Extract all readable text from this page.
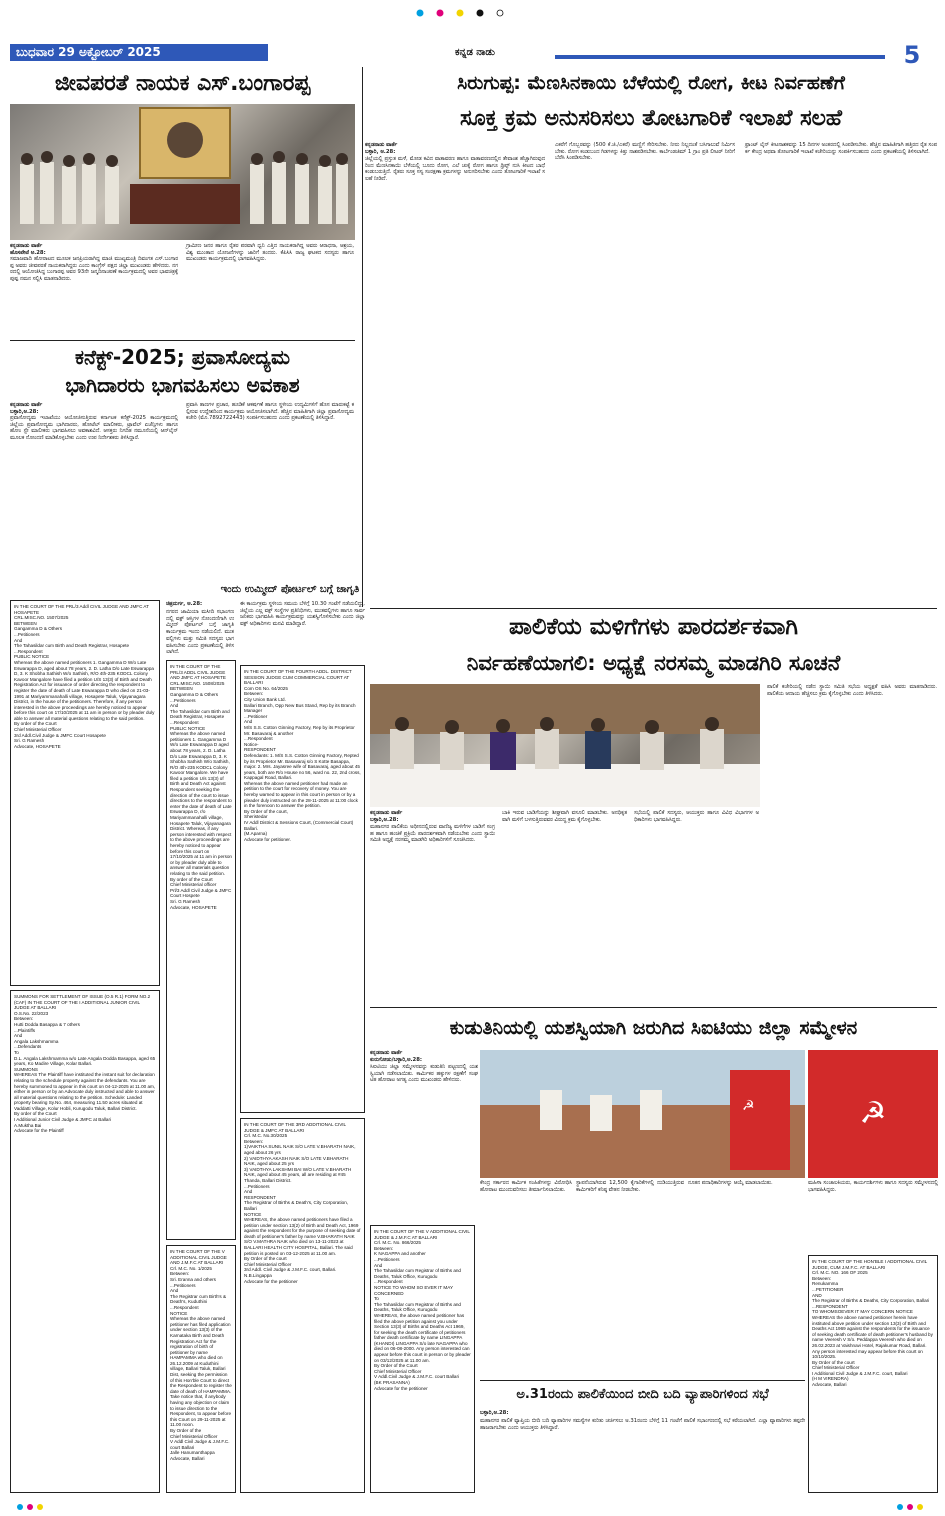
ಬುಧವಾರ 29 ಅಕ್ಟೋಬರ್ 2025	ಕನ್ನಡ ನಾಡು	5
ಜೀವಪರತೆ ನಾಯಕ ಎಸ್.ಬಂಗಾರಪ್ಪ
ಕನ್ನಡನಾಡು ವಾರ್ತೆ
ಹೊಸಪೇಟೆ ಅ.28:
ಸಮಾಜವಾದಿ ಹೋರಾಟದ ಮೂಲಕ ಜನಪ್ರಿಯರಾಗಿದ್ದ ಮಾಜಿ ಮುಖ್ಯಮಂತ್ರಿ ದಿವಂಗತ ಎಸ್.ಬಂಗಾರಪ್ಪ ಅವರು ಜೀವಪರತೆ ನಾಯಕರಾಗಿದ್ದರು ಎಂದು ಕಾಂಗ್ರೆಸ್ ಪಕ್ಷದ ಜಿಲ್ಲಾ ಮುಖಂಡರು ಹೇಳಿದರು. ನಗರದಲ್ಲಿ ಆಯೋಜಿಸಿದ್ದ ಬಂಗಾರಪ್ಪ ಅವರ 93ನೇ ಜನ್ಮದಿನಾಚರಣೆ ಕಾರ್ಯಕ್ರಮದಲ್ಲಿ ಅವರ ಭಾವಚಿತ್ರಕ್ಕೆ ಪುಷ್ಪ ನಮನ ಸಲ್ಲಿಸಿ ಮಾತನಾಡಿದರು.
ಗ್ರಾಮೀಣ ಜನರ ಹಾಗೂ ರೈತರ ಪರವಾಗಿ ಧ್ವನಿ ಎತ್ತಿದ ನಾಯಕರಾಗಿದ್ದ ಅವರು ಆರಾಧನಾ, ಆಶ್ರಯ, ವಿಶ್ವ ಮುಂತಾದ ಯೋಜನೆಗಳನ್ನು ಜಾರಿಗೆ ತಂದರು. ಕೆಪಿಸಿಸಿ ರಾಜ್ಯ ಘಟಕದ ಸದಸ್ಯರು ಹಾಗೂ ಮುಖಂಡರು ಕಾರ್ಯಕ್ರಮದಲ್ಲಿ ಭಾಗವಹಿಸಿದ್ದರು.
ಕನೆಕ್ಟ್-2025; ಪ್ರವಾಸೋದ್ಯಮ
ಭಾಗಿದಾರರು ಭಾಗವಹಿಸಲು ಅವಕಾಶ
ಕನ್ನಡನಾಡು ವಾರ್ತೆ
ಬಳ್ಳಾರಿ,ಅ.28:
ಪ್ರವಾಸೋದ್ಯಮ ಇಲಾಖೆಯು ಆಯೋಜಿಸುತ್ತಿರುವ ಕರ್ನಾಟಕ ಕನೆಕ್ಟ್-2025 ಕಾರ್ಯಕ್ರಮದಲ್ಲಿ ಜಿಲ್ಲೆಯ ಪ್ರವಾಸೋದ್ಯಮ ಭಾಗಿದಾರರು, ಹೋಟೆಲ್ ಮಾಲೀಕರು, ಟ್ರಾವೆಲ್ ಏಜೆನ್ಸಿಗಳು ಹಾಗೂ ಹೋಂ ಸ್ಟೇ ಮಾಲೀಕರು ಭಾಗವಹಿಸಲು ಅವಕಾಶವಿದೆ. ಆಸಕ್ತರು ನಿಗದಿತ ನಮೂನೆಯಲ್ಲಿ ಆನ್‌ಲೈನ್ ಮೂಲಕ ನೋಂದಣಿ ಮಾಡಿಕೊಳ್ಳಬೇಕು ಎಂದು ಉಪ ನಿರ್ದೇಶಕರು ತಿಳಿಸಿದ್ದಾರೆ.
ಪ್ರವಾಸಿ ತಾಣಗಳ ಪ್ರಚಾರ, ಹೂಡಿಕೆ ಆಕರ್ಷಣೆ ಹಾಗೂ ಸ್ಥಳೀಯ ಉದ್ಯಮಿಗಳಿಗೆ ಹೊಸ ಮಾರುಕಟ್ಟೆ ಕಲ್ಪಿಸುವ ಉದ್ದೇಶದಿಂದ ಕಾರ್ಯಕ್ರಮ ಆಯೋಜಿಸಲಾಗಿದೆ. ಹೆಚ್ಚಿನ ಮಾಹಿತಿಗಾಗಿ ಜಿಲ್ಲಾ ಪ್ರವಾಸೋದ್ಯಮ ಕಚೇರಿ (ಮೊ.7892722443) ಸಂಪರ್ಕಿಸಬಹುದು ಎಂದು ಪ್ರಕಟಣೆಯಲ್ಲಿ ತಿಳಿಸಿದ್ದಾರೆ.
ಸಿರುಗುಪ್ಪ: ಮೆಣಸಿನಕಾಯಿ ಬೆಳೆಯಲ್ಲಿ ರೋಗ, ಕೀಟ ನಿರ್ವಹಣೆಗೆ
ಸೂಕ್ತ ಕ್ರಮ ಅನುಸರಿಸಲು ತೋಟಗಾರಿಕೆ ಇಲಾಖೆ ಸಲಹೆ
ಕನ್ನಡನಾಡು ವಾರ್ತೆ
ಬಳ್ಳಾರಿ, ಅ.28:
ಜಿಲ್ಲೆಯಲ್ಲಿ ಪ್ರಸ್ತುತ ಮಳೆ, ಮೋಡ ಕವಿದ ವಾತಾವರಣ ಹಾಗೂ ವಾತಾವರಣದಲ್ಲಿನ ತೇವಾಂಶ ಹೆಚ್ಚಾಗಿರುವುದರಿಂದ ಮೆಣಸಿನಕಾಯಿ ಬೆಳೆಯಲ್ಲಿ ಬೂದು ರೋಗ, ಎಲೆ ಚುಕ್ಕೆ ರೋಗ ಹಾಗೂ ಥ್ರಿಪ್ಸ್ ನುಸಿ ಕೀಟದ ಬಾಧೆ ಕಂಡುಬರುತ್ತಿದೆ. ರೈತರು ಸೂಕ್ತ ಸಸ್ಯ ಸಂರಕ್ಷಣಾ ಕ್ರಮಗಳನ್ನು ಅನುಸರಿಸಬೇಕು ಎಂದು ತೋಟಗಾರಿಕೆ ಇಲಾಖೆ ಸಲಹೆ ನೀಡಿದೆ.
ಎಕರೆಗೆ ಗೊಬ್ಬರವನ್ನು (500 ಕೆ.ಜಿ./ಎಕರೆ) ಮಣ್ಣಿಗೆ ಸೇರಿಸಬೇಕು. ನೀರು ನಿಲ್ಲದಂತೆ ಬಸಿಗಾಲುವೆ ನಿರ್ಮಿಸಬೇಕು. ರೋಗ ಕಂಡುಬಂದ ಗಿಡಗಳನ್ನು ಕಿತ್ತು ನಾಶಪಡಿಸಬೇಕು. ಕಾರ್ಬೆಂಡಜಿಮ್ 1 ಗ್ರಾಂ ಪ್ರತಿ ಲೀಟರ್ ನೀರಿಗೆ ಬೆರೆಸಿ ಸಿಂಪಡಿಸಬೇಕು.
ಫ್ರಾಂಟ್ ಲೈನ್ ಕೀಟನಾಶಕವನ್ನು 15 ದಿನಗಳ ಅಂತರದಲ್ಲಿ ಸಿಂಪಡಿಸಬೇಕು. ಹೆಚ್ಚಿನ ಮಾಹಿತಿಗಾಗಿ ಹತ್ತಿರದ ರೈತ ಸಂಪರ್ಕ ಕೇಂದ್ರ ಅಥವಾ ತೋಟಗಾರಿಕೆ ಇಲಾಖೆ ಕಚೇರಿಯನ್ನು ಸಂಪರ್ಕಿಸಬಹುದು ಎಂದು ಪ್ರಕಟಣೆಯಲ್ಲಿ ತಿಳಿಸಲಾಗಿದೆ.
ಇಂದು ಉಮ್ಮೀದ್ ಪೋರ್ಟಲ್ ಬಗ್ಗೆ ಜಾಗೃತಿ
ಚಿತ್ರದುರ್ಗ, ಅ.28:
ನಗರದ ಜಾಮಿಯಾ ಮಸೀದಿ ಸಭಾಂಗಣದಲ್ಲಿ ವಕ್ಫ್ ಆಸ್ತಿಗಳ ನೋಂದಣಿಗಾಗಿ ಉಮ್ಮೀದ್ ಪೋರ್ಟಲ್ ಬಗ್ಗೆ ಜಾಗೃತಿ ಕಾರ್ಯಕ್ರಮ ಇಂದು ನಡೆಯಲಿದೆ. ಮುತವಲ್ಲಿಗಳು ಮತ್ತು ಸಮಿತಿ ಸದಸ್ಯರು ಭಾಗವಹಿಸಬೇಕು ಎಂದು ಪ್ರಕಟಣೆಯಲ್ಲಿ ತಿಳಿಸಲಾಗಿದೆ.
IN THE COURT OF THE PRL/3 Addl CIVIL JUDGE AND JMFC AT HOSAPETE
CRL.MISC.NO. 1507/2025
BETWEEN
Gangamma D & Others
...Petitioners
And
The Tahasildar cum Birth and Death Registrar, Hosapete
...Respondent
PUBLIC NOTICE
Whereas the above named petitioners 1. Gangamma D W/o Late Eswarappa D, aged about 78 years, 2. D. Latha D/o Late Eswarappa D, 3. K Shobha Sathish W/o Sathish, R/O 4th-235 KODCL Colony Kavoor Mangalore have filed a petition U/S 13(3) of Birth and Death Registration Act for issuance of order directing the respondent to register the date of death of Late Eswarappa D who died on 21-03-1991 at Mariyammanahalli village, Hosapete Taluk, Vijayanagara District, in the house of the petitioners. Therefore, if any person interested in the above proceedings are hereby noticed to appear before this court on 17/10/2025 at 11 am in person or by pleader duly able to answer all material questions relating to the said petition.
By order of the Court
Chief Ministerial Officer
3rd Addl.Civil Judge & JMFC Court Hosapete
Sri. G Ramesh
Advocate, HOSAPETE
SUMMONS FOR SETTLEMENT OF ISSUE (O.5 R.1) FORM NO.2 (CAF) IN THE COURT OF THE I ADDITIONAL JUNIOR CIVIL JUDGE AT BALLARI
O.S.No. 22/2023
Between:
Hutti Dodda Basappa & 7 others
...Plaintiffs
And
Angala Lakshmamma
...Defendants
To
D.L. Angala Lakshmamma w/o Late Angala Dodda Basappa, aged 65 years, Ko Madire Village, Kolar Ballari.
SUMMONS
WHEREAS The Plaintiff have instituted the instant suit for declaration relating to the schedule property against the defendants. You are hereby summoned to appear in this court on 04-12-2025 at 11.00 am, either in person or by an Advocate duly instructed and able to answer all material questions relating to the petition. Schedule: Landed property bearing Sy.No. 464, measuring 11.50 acres situated at Vaddatti Village, Kolur Hobli, Kurugodu Taluk, Ballari District.
By order of the Court
I Additional Junior Civil Judge & JMFC at Ballari
A.Muktha Bai
Advocate for the Plaintiff
IN THE COURT OF THE PRL/3 ADDL CIVIL JUDGE AND JMFC AT HOSAPETE
CRL.MISC.NO. 1508/2025
BETWEEN
Gangamma D & Others
...Petitioners
And
The Tahasildar cum Birth and Death Registrar, Hosapete
...Respondent
PUBLIC NOTICE
Whereas the above named petitioners 1. Gangamma D W/o Late Eswarappa D aged about 78 years, 2. D. Latha D/o Late Eswarappa D, 3. K Shobha Sathish W/o Sathish, R/O 4th-235 KODCL Colony Kavoor Mangalore. We have filed a petition U/s 13(3) of Birth and Death Act against Respondent seeking the direction of the court to issue directions to the respondent to enter the date of death of Late Eswarappa D, r/o Mariyammanahalli village, Hosapete Taluk, Vijayanagara District. Whereas, if any person interested with respect to the above proceedings are hereby noticed to appear before this court on 17/10/2025 at 11 am in person or by pleader duly able to answer all materials question relating to the said petition.
By order of the Court
Chief Ministerial officer
Prl/3 Addl Civil Judge & JMFC Court Hospete
Sri. G Ramesh
Advocate, HOSAPETE
IN THE COURT OF THE V ADDITIONAL CIVIL JUDGE AND J.M.F.C AT BALLARI
Crl. M.C. No. 1/2025
Between:
Sri. Eranna and others
...Petitioners
And
The Registrar cum Birth's & Death's, Kuduthini
...Respondent
NOTICE
Whereas the above named petitioner has filed application under section 13(3) of the Karnataka Birth and Death Registration Act for the registration of birth of petitioner by name HAMPAMMA who died on 26.12.2009 at Kuduthini village, Ballari Taluk, Ballari Dist, seeking the permission of this Hon'ble Court to direct the Respondent to register the date of death of HAMPAMMA. Take notice that, if anybody having any objection or claim to issue direction to the Respondent, to appear before this Court on 29-11-2025 at 11.00 noon.
By Order of the
Chief Ministerial Officer
V Addl Civil Judge & J.M.F.C. court Ballari
Jalle Hanumanthappa
Advocate, Ballari
ಈ ಕಾರ್ಯಕ್ರಮ ಸ್ಥಳೀಯ ಸಮಯ ಬೆಳಿಗ್ಗೆ 10.30 ಗಂಟೆಗೆ ನಡೆಯಲಿದ್ದು, ಜಿಲ್ಲೆಯ ಎಲ್ಲ ವಕ್ಫ್ ಸಂಸ್ಥೆಗಳ ಪ್ರತಿನಿಧಿಗಳು, ಮುತವಲ್ಲಿಗಳು ಹಾಗೂ ಸಾರ್ವಜನಿಕರು ಭಾಗವಹಿಸಿ ಕಾರ್ಯಕ್ರಮವನ್ನು ಯಶಸ್ವಿಗೊಳಿಸಬೇಕು ಎಂದು ಜಿಲ್ಲಾ ವಕ್ಫ್ ಅಧಿಕಾರಿಗಳು ಮನವಿ ಮಾಡಿದ್ದಾರೆ.
IN THE COURT OF THE FOURTH ADDL. DISTRICT SESSION JUDGE CUM COMMERCIAL COURT AT BALLARI
Com OS No. 64/2025
Between:
City Union Bank Ltd.
Ballari Branch, Opp New Bus Stand, Rep by its Branch Manager
...Petitioner
And
M/S S.S. Cotton Ginning Factory, Rep by its Proprietor Mr. Basavaraj & another
...Respondent
Notice-
RESPONDENT
Defendants: 1. M/S S.S. Cotton Ginning Factory, Repted by its Proprietor Mr. Basavaraj s/o S Kotte Basappa, major. 2. Mrs. Jayasree wife of Basavaraj, aged about 45 years, both are R/o House no 56, ward no. 22, 2nd cross, Kappagal Road, Ballari.
Whereas the above named petitioner had made an petition to the court for recovery of money. You are hereby warned to appear in this court in person or by a pleader duly instructed on the 28-11-2025 at 11:00 clock in the forenoon to answer the petition.
By Order of the court,
Sheristedar
IV Addl District & Sessions Court, (Commercial Court) Ballari.
(M.Aparna)
Advocate for petitioner.
IN THE COURT OF THE 3RD ADDITIONAL CIVIL JUDGE & JMFC AT BALLARI
Crl. M.C. No.30/2025
Between:
1)VAIKTHA SUNIL NAIK S/O LATE V.BHARATH NAIK, aged about 26 yrs
2) VAIDTHYA AKASH NAIK S/O LATE V.BHARATH NAIK, aged about 25 yrs
3) VAIDTHYA LAKSHMI BAI W/O LATE V.BHARATH NAIK, aged about 45 years, all are residing at #45 Thanda, Ballari District.
...Petitioners
And
RESPONDENT
The Registrar of Births & Death's, City Corporation, Ballari
NOTICE
WHEREAS, the above named petitioners have filed a petition under section 13(2) of Birth and Death Act, 1969 against the respondent for the purpose of seeking date of death of petitioner's father by name V.BHARATH NAIK S/O V.MATHRA NAIK who died on 13-11-2023 at BALLARI HEALTH CITY HOSPITAL, Ballari. The said petition is posted on 03-12-2025 at 11.00 am.
By Order of the court
Chief Ministerial Officer
3rd Addl. Civil Judge & J.M.F.C. court, Ballari.
N.B.Lingappa
Advocate for the petitioner
ಪಾಲಿಕೆಯ ಮಳಿಗೆಗಳು ಪಾರದರ್ಶಕವಾಗಿ
ನಿರ್ವಹಣೆಯಾಗಲಿ: ಅಧ್ಯಕ್ಷೆ ನರಸಮ್ಮ ಮಾಡಗಿರಿ ಸೂಚನೆ
ಕನ್ನಡನಾಡು ವಾರ್ತೆ
ಬಳ್ಳಾರಿ,ಅ.28:
ಮಹಾನಗರ ಪಾಲಿಕೆಯ ಅಧೀನದಲ್ಲಿರುವ ವಾಣಿಜ್ಯ ಮಳಿಗೆಗಳ ಬಾಡಿಗೆ ಸಂಗ್ರಹ ಹಾಗೂ ಹಂಚಿಕೆ ಪ್ರಕ್ರಿಯೆ ಪಾರದರ್ಶಕವಾಗಿ ನಡೆಯಬೇಕು ಎಂದು ಸ್ಥಾಯಿ ಸಮಿತಿ ಅಧ್ಯಕ್ಷೆ ನರಸಮ್ಮ ಮಾಡಗಿರಿ ಅಧಿಕಾರಿಗಳಿಗೆ ಸೂಚಿಸಿದರು.
ಬಾಕಿ ಇರುವ ಬಾಡಿಗೆಯನ್ನು ಶೀಘ್ರವಾಗಿ ವಸೂಲಿ ಮಾಡಬೇಕು. ಅನಧಿಕೃತವಾಗಿ ಮಳಿಗೆ ಬಳಸುತ್ತಿರುವವರ ವಿರುದ್ಧ ಕ್ರಮ ಕೈಗೊಳ್ಳಬೇಕು.
ಸಭೆಯಲ್ಲಿ ಪಾಲಿಕೆ ಸದಸ್ಯರು, ಆಯುಕ್ತರು ಹಾಗೂ ವಿವಿಧ ವಿಭಾಗಗಳ ಅಧಿಕಾರಿಗಳು ಭಾಗವಹಿಸಿದ್ದರು.
ಪಾಲಿಕೆ ಕಚೇರಿಯಲ್ಲಿ ನಡೆದ ಸ್ಥಾಯಿ ಸಮಿತಿ ಸಭೆಯ ಅಧ್ಯಕ್ಷತೆ ವಹಿಸಿ ಅವರು ಮಾತನಾಡಿದರು. ಪಾಲಿಕೆಯ ಆದಾಯ ಹೆಚ್ಚಿಸಲು ಕ್ರಮ ಕೈಗೊಳ್ಳಬೇಕು ಎಂದು ತಿಳಿಸಿದರು.
ಕುಡುತಿನಿಯಲ್ಲಿ ಯಶಸ್ವಿಯಾಗಿ ಜರುಗಿದ ಸಿಐಟಿಯು ಜಿಲ್ಲಾ ಸಮ್ಮೇಳನ
ಕನ್ನಡನಾಡು ವಾರ್ತೆ
ಕುರುಗೋಡು/ಬಳ್ಳಾರಿ,ಅ.28:
ಸಿಐಟಿಯು ಜಿಲ್ಲಾ ಸಮ್ಮೇಳನವನ್ನು ಕುಡುತಿನಿ ಪಟ್ಟಣದಲ್ಲಿ ಯಶಸ್ವಿಯಾಗಿ ನಡೆಸಲಾಯಿತು. ಕಾರ್ಮಿಕರ ಹಕ್ಕುಗಳ ರಕ್ಷಣೆಗೆ ಸಂಘಟಿತ ಹೋರಾಟ ಅಗತ್ಯ ಎಂದು ಮುಖಂಡರು ಹೇಳಿದರು.
☭	☭
ಕೇಂದ್ರ ಸರ್ಕಾರದ ಕಾರ್ಮಿಕ ಸಂಹಿತೆಗಳನ್ನು ವಿರೋಧಿಸಿ ಹೋರಾಟ ಮುಂದುವರಿಸಲು ತೀರ್ಮಾನಿಸಲಾಯಿತು.
ಸ್ಥಾಪನೆಯಾಗಿರುವ 12,500 ಕೈಗಾರಿಕೆಗಳಲ್ಲಿ ದುಡಿಯುತ್ತಿರುವ ಕಾರ್ಮಿಕರಿಗೆ ಕನಿಷ್ಠ ವೇತನ ನೀಡಬೇಕು.
ನೂತನ ಪದಾಧಿಕಾರಿಗಳನ್ನು ಆಯ್ಕೆ ಮಾಡಲಾಯಿತು.	ಮಹಿಳಾ ಸಂಚಾಲಕಿಯರು, ಕಾರ್ಯದರ್ಶಿಗಳು ಹಾಗೂ ಸದಸ್ಯರು ಸಮ್ಮೇಳನದಲ್ಲಿ ಭಾಗವಹಿಸಿದ್ದರು.
IN THE COURT OF THE V ADDITIONAL CIVIL JUDGE & J.M.F.C AT BALLARI
Crl. M.C. No. 866/2025
Between:
K NAGAPPA and another
...Petitioners
And
The Tahasildar cum Registrar of Births and Deaths, Taluk Office, Kurugodu
...Respondent
NOTICE TO WHOM SO EVER IT MAY CONCERNED
To
The Tahasildar cum Registrar of Births and Deaths, Taluk Office, Kurugodu
WHEREAS, the above named petitioner has filed the above petition against you under Section 13(3) of Births and Deaths Act 1969, for seeking the death certificate of petitioners father death certificate by name LINGAPPA (KHANDI) LINGAPPA S/o late NAGAPPA who died on 06-08-2000. Any person interested can appear before this court in person or by pleader on 03/12/2025 at 11.00 am.
By Order of the Court
Chief Ministerial Officer
V Addl.Civil Judge & J.M.F.C. court Ballari
(BK PRASANNA)
Advocate for the petitioner
IN THE COURT OF THE HON'BLE I ADDITIONAL CIVIL JUDGE, CUM J.M.F.C. AT BALLARI
Crl. M.C. NO. 166 OF 2025
Between:
Renukamma
...PETITIONER
AND
The Registrar of Births & Deaths, City Corporation, Ballari
...RESPONDENT
TO WHOMSOEVER IT MAY CONCERN NOTICE
WHEREAS the above named petitioner herein have instituted above petition under section 13(3) of Birth and Deaths Act 1969 against the respondents for the issuance of seeking death certificate of death petitioner's husband by name Veeresh V S/o. Peddappa Veeresh who died on 26.02.2023 at Vaishnavi Hotel, Rajakumar Road, Ballari. Any person interested may appear before this court on 10/10/2025.
By Order of the court
Chief Ministerial Officer
I Additional Civil Judge & J.M.F.C. court, Ballari
(H M VIRENDRA)
Advocate, Ballari
ಅ.31ರಂದು ಪಾಲಿಕೆಯಿಂದ ಬೀದಿ ಬದಿ ವ್ಯಾಪಾರಿಗಳಿಂದ ಸಭೆ
ಬಳ್ಳಾರಿ,ಅ.28:
ಮಹಾನಗರ ಪಾಲಿಕೆ ವ್ಯಾಪ್ತಿಯ ಬೀದಿ ಬದಿ ವ್ಯಾಪಾರಿಗಳ ಸಮಸ್ಯೆಗಳ ಕುರಿತು ಚರ್ಚಿಸಲು ಅ.31ರಂದು ಬೆಳಿಗ್ಗೆ 11 ಗಂಟೆಗೆ ಪಾಲಿಕೆ ಸಭಾಂಗಣದಲ್ಲಿ ಸಭೆ ಕರೆಯಲಾಗಿದೆ. ಎಲ್ಲಾ ವ್ಯಾಪಾರಿಗಳು ತಪ್ಪದೇ ಹಾಜರಾಗಬೇಕು ಎಂದು ಆಯುಕ್ತರು ತಿಳಿಸಿದ್ದಾರೆ.
